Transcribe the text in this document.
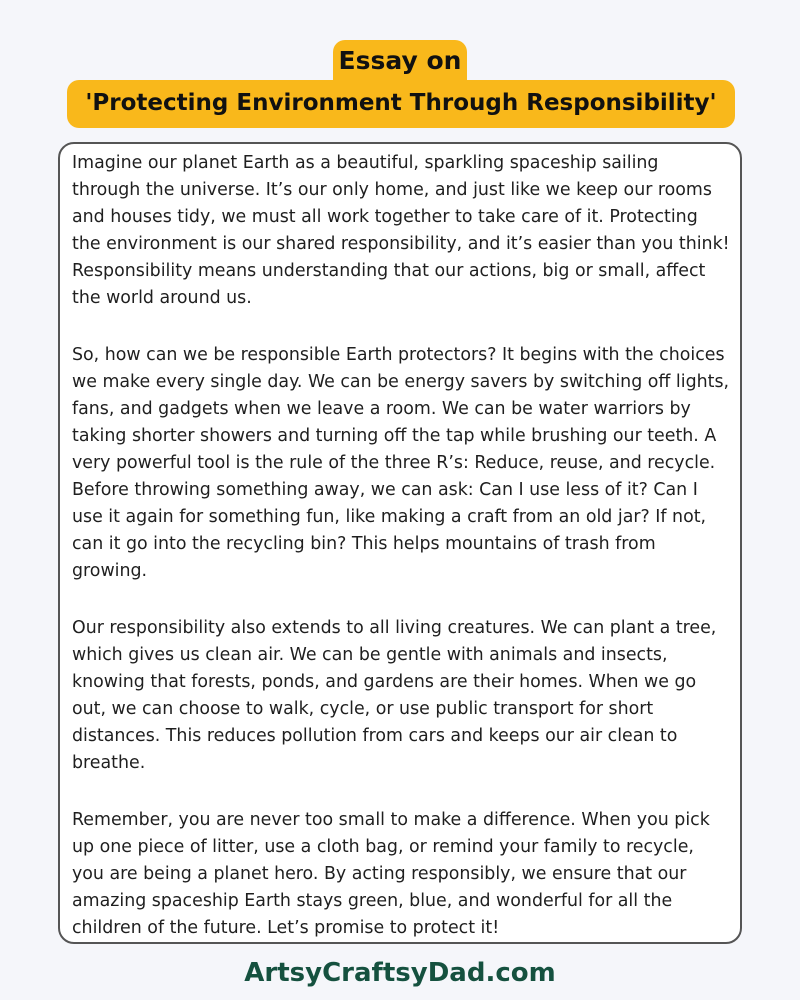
Essay on
'Protecting Environment Through Responsibility'

Imagine our planet Earth as a beautiful, sparkling spaceship sailing through the universe. It’s our only home, and just like we keep our rooms and houses tidy, we must all work together to take care of it. Protecting the environment is our shared responsibility, and it’s easier than you think! Responsibility means understanding that our actions, big or small, affect the world around us.

So, how can we be responsible Earth protectors? It begins with the choices we make every single day. We can be energy savers by switching off lights, fans, and gadgets when we leave a room. We can be water warriors by taking shorter showers and turning off the tap while brushing our teeth. A very powerful tool is the rule of the three R’s: Reduce, reuse, and recycle. Before throwing something away, we can ask: Can I use less of it? Can I use it again for something fun, like making a craft from an old jar? If not, can it go into the recycling bin? This helps mountains of trash from growing.

Our responsibility also extends to all living creatures. We can plant a tree, which gives us clean air. We can be gentle with animals and insects, knowing that forests, ponds, and gardens are their homes. When we go out, we can choose to walk, cycle, or use public transport for short distances. This reduces pollution from cars and keeps our air clean to breathe.

Remember, you are never too small to make a difference. When you pick up one piece of litter, use a cloth bag, or remind your family to recycle, you are being a planet hero. By acting responsibly, we ensure that our amazing spaceship Earth stays green, blue, and wonderful for all the children of the future. Let’s promise to protect it!

ArtsyCraftsyDad.com
